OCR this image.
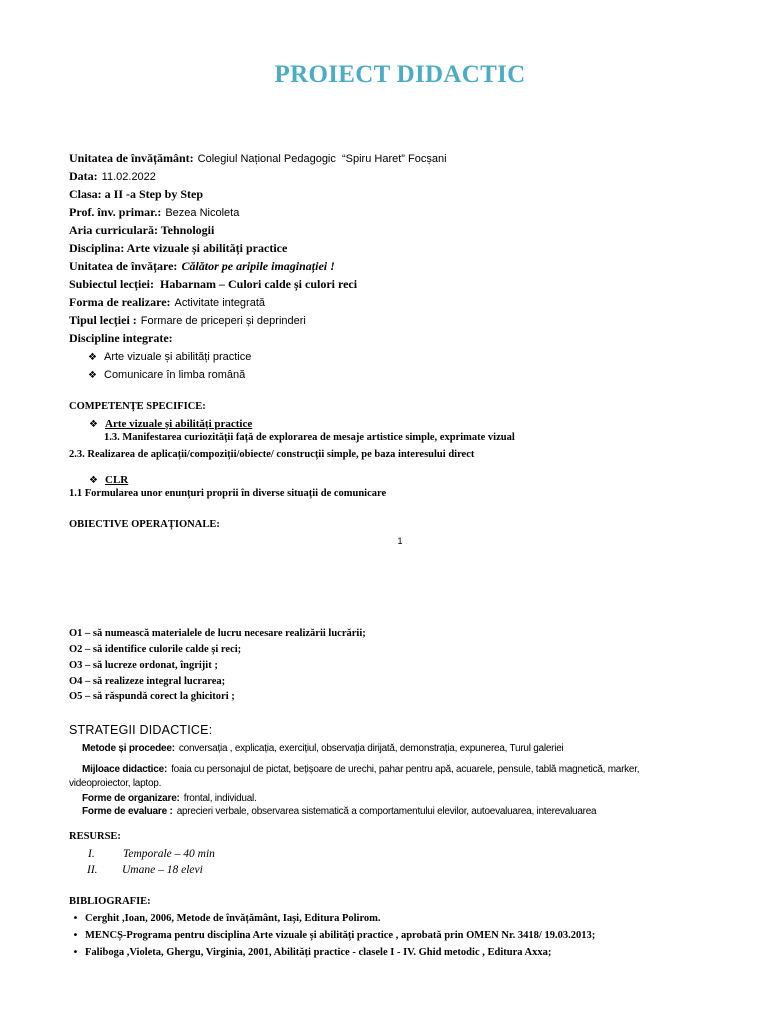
PROIECT DIDACTIC
Unitatea de învățământ: Colegiul Național Pedagogic  “Spiru Haret” Focșani
Data: 11.02.2022
Clasa: a II -a Step by Step
Prof. înv. primar.: Bezea Nicoleta
Aria curriculară: Tehnologii
Disciplina: Arte vizuale și abilități practice
Unitatea de învățare: Călător pe aripile imaginației !
Subiectul lecției:  Habarnam – Culori calde și culori reci
Forma de realizare: Activitate integrată
Tipul lecției : Formare de priceperi și deprinderi
Discipline integrate:
❖ Arte vizuale și abilități practice
❖ Comunicare în limba română
COMPETENȚE SPECIFICE:
❖ Arte vizuale și abilități practice
1.3. Manifestarea curiozității față de explorarea de mesaje artistice simple, exprimate vizual
2.3. Realizarea de aplicații/compoziții/obiecte/ construcții simple, pe baza interesului direct
❖ CLR
1.1 Formularea unor enunțuri proprii în diverse situații de comunicare
OBIECTIVE OPERAȚIONALE:
1
O1 – să numească materialele de lucru necesare realizării lucrării;
O2 – să identifice culorile calde și reci;
O3 – să lucreze ordonat, îngrijit ;
O4 – să realizeze integral lucrarea;
O5 – să răspundă corect la ghicitori ;
STRATEGII DIDACTICE:
Metode și procedee: conversația , explicația, exercițiul, observația dirijată, demonstrația, expunerea, Turul galeriei
Mijloace didactice: foaia cu personajul de pictat, bețișoare de urechi, pahar pentru apă, acuarele, pensule, tablă magnetică, marker,
videoproiector, laptop.
Forme de organizare: frontal, individual.
Forme de evaluare : aprecieri verbale, observarea sistematică a comportamentului elevilor, autoevaluarea, interevaluarea
RESURSE:
I. Temporale – 40 min
II. Umane – 18 elevi
BIBLIOGRAFIE:
• Cerghit ,Ioan, 2006, Metode de învățământ, Iași, Editura Polirom.
• MENCȘ-Programa pentru disciplina Arte vizuale și abilități practice , aprobată prin OMEN Nr. 3418/ 19.03.2013;
• Faliboga ,Violeta, Ghergu, Virginia, 2001, Abilități practice - clasele I - IV. Ghid metodic , Editura Axxa;
